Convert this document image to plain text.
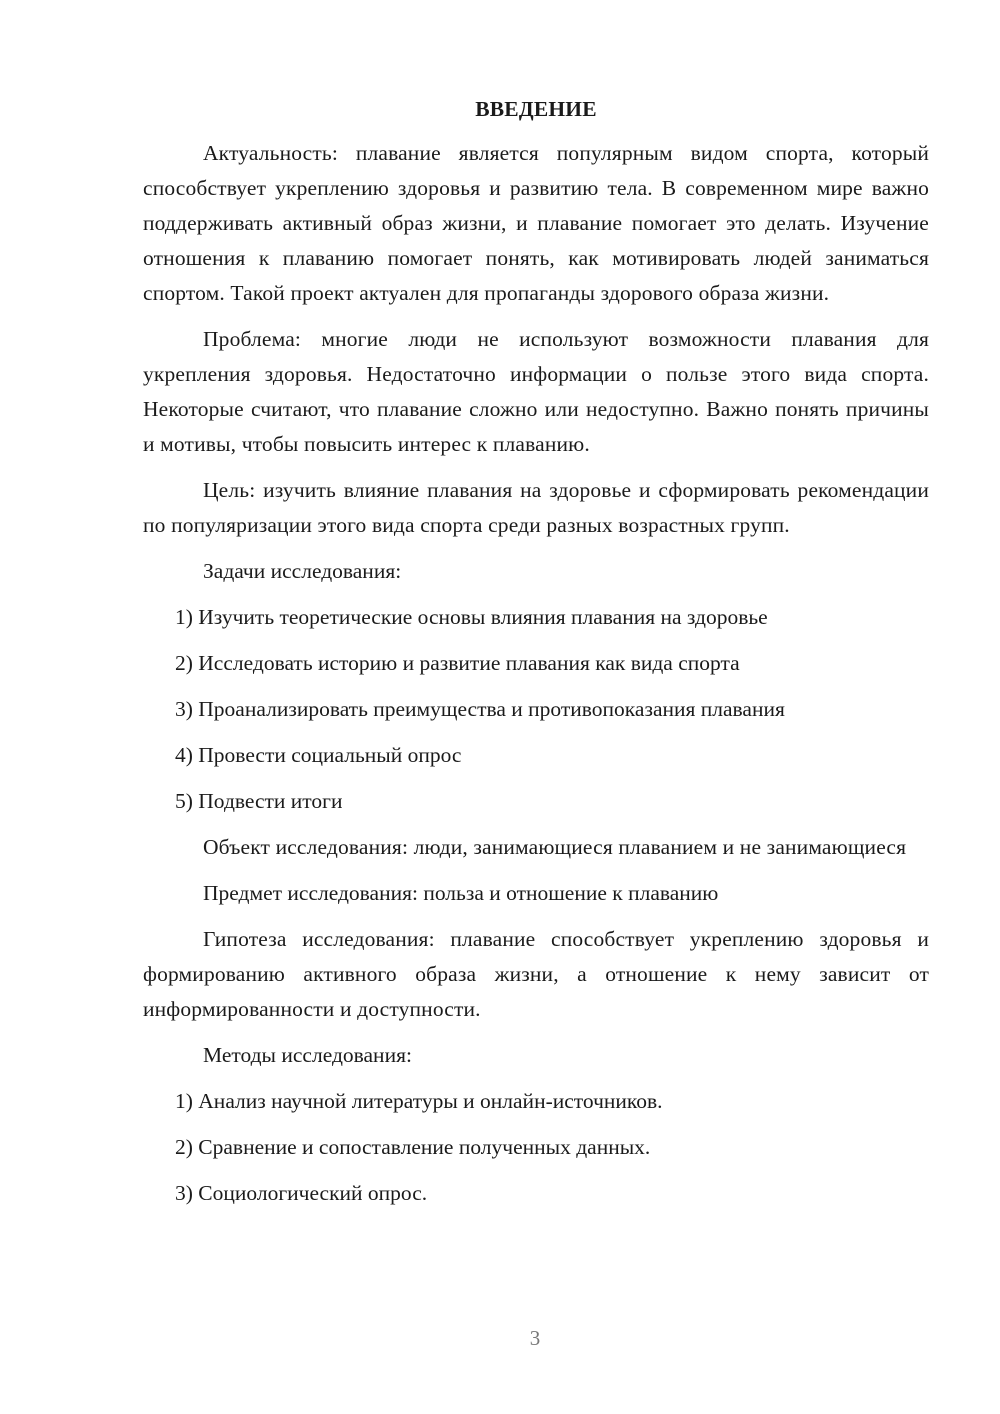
ВВЕДЕНИЕ

Актуальность: плавание является популярным видом спорта, который способствует укреплению здоровья и развитию тела. В современном мире важно поддерживать активный образ жизни, и плавание помогает это делать. Изучение отношения к плаванию помогает понять, как мотивировать людей заниматься спортом. Такой проект актуален для пропаганды здорового образа жизни.

Проблема: многие люди не используют возможности плавания для укрепления здоровья. Недостаточно информации о пользе этого вида спорта. Некоторые считают, что плавание сложно или недоступно. Важно понять причины и мотивы, чтобы повысить интерес к плаванию.

Цель: изучить влияние плавания на здоровье и сформировать рекомендации по популяризации этого вида спорта среди разных возрастных групп.

Задачи исследования:

1) Изучить теоретические основы влияния плавания на здоровье
2) Исследовать историю и развитие плавания как вида спорта
3) Проанализировать преимущества и противопоказания плавания
4) Провести социальный опрос
5) Подвести итоги

Объект исследования: люди, занимающиеся плаванием и не занимающиеся

Предмет исследования: польза и отношение к плаванию

Гипотеза исследования: плавание способствует укреплению здоровья и формированию активного образа жизни, а отношение к нему зависит от информированности и доступности.

Методы исследования:

1) Анализ научной литературы и онлайн-источников.
2) Сравнение и сопоставление полученных данных.
3) Социологический опрос.
3
